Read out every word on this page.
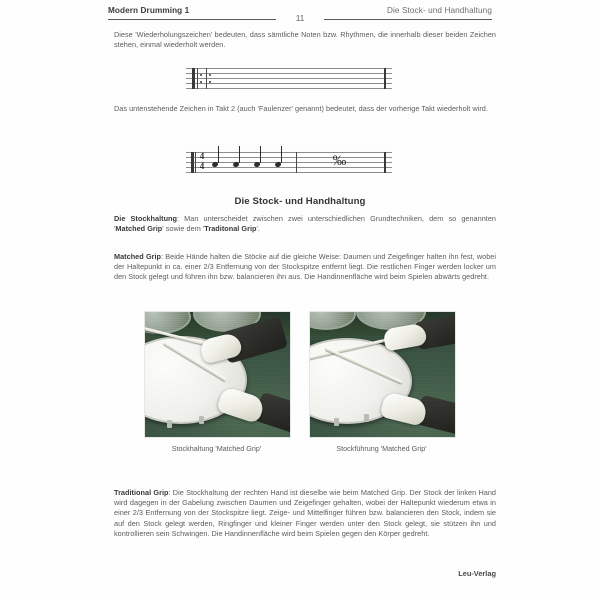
Modern Drumming 1
11
Die Stock- und Handhaltung
Diese 'Wiederholungszeichen' bedeuten, dass sämtliche Noten bzw. Rhythmen, die innerhalb dieser beiden Zeichen stehen, einmal wiederholt werden.
Das untenstehende Zeichen in Takt 2 (auch 'Faulenzer' genannt) bedeutet, dass der vorherige Takt wiederholt wird.
4
4	‰
Die Stock- und Handhaltung
Die Stockhaltung: Man unterscheidet zwischen zwei unterschiedlichen Grundtechniken, dem so genannten 'Matched Grip' sowie dem 'Traditonal Grip'.
Matched Grip: Beide Hände halten die Stöcke auf die gleiche Weise: Daumen und Zeigefinger halten ihn fest, wobei der Haltepunkt in ca. einer 2/3 Entfernung von der Stockspitze entfernt liegt. Die restlichen Finger werden locker um den Stock gelegt und führen ihn bzw. balancieren ihn aus. Die Handinnenfläche wird beim Spielen abwärts gedreht.
Stockhaltung 'Matched Grip'	Stockführung 'Matched Grip'
Traditional Grip: Die Stockhaltung der rechten Hand ist dieselbe wie beim Matched Grip. Der Stock der linken Hand wird dagegen in der Gabelung zwischen Daumen und Zeigefinger gehalten, wobei der Haltepunkt wiederum etwa in einer 2/3 Entfernung von der Stockspitze liegt. Zeige- und Mittelfinger führen bzw. balancieren den Stock, indem sie auf den Stock gelegt werden, Ringfinger und kleiner Finger werden unter den Stock gelegt, sie stützen ihn und kontrollieren sein Schwingen. Die Handinnenfläche wird beim Spielen gegen den Körper gedreht.
Leu-Verlag
